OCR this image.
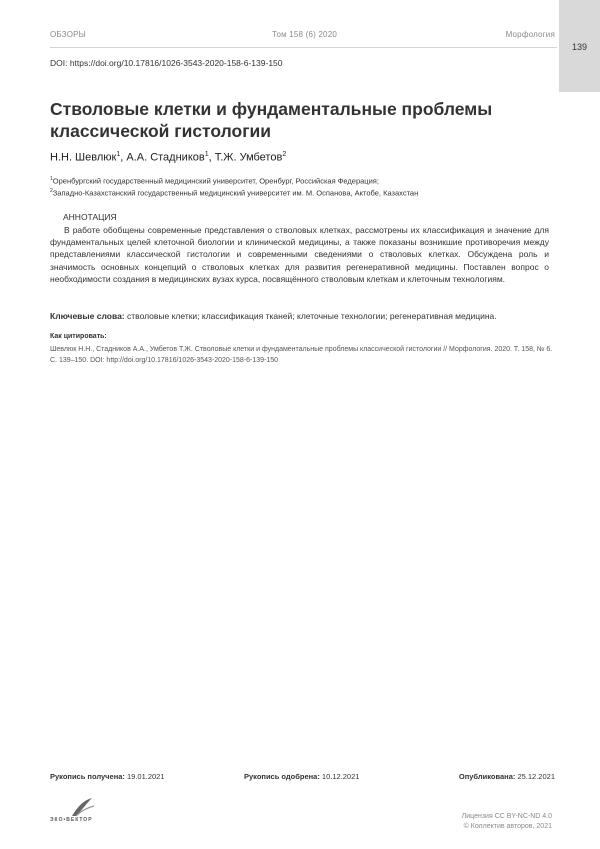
ОБЗОРЫ	Том 158 (6) 2020	Морфология
139
DOI: https://doi.org/10.17816/1026-3543-2020-158-6-139-150
Стволовые клетки и фундаментальные проблемы классической гистологии
Н.Н. Шевлюк$^1$, А.А. Стадников$^1$, Т.Ж. Умбетов$^2$
$^1$Оренбургский государственный медицинский университет, Оренбург, Российская Федерация;
$^2$Западно-Казахстанский государственный медицинский университет им. М. Оспанова, Актобе, Казахстан
АННОТАЦИЯ

В работе обобщены современные представления о стволовых клетках, рассмотрены их классификация и значение для фундаментальных целей клеточной биологии и клинической медицины, а также показаны возникшие противоречия между представлениями классической гистологии и современными сведениями о стволовых клетках. Обсуждена роль и значимость основных концепций о стволовых клетках для развития регенеративной медицины. Поставлен вопрос о необходимости создания в медицинских вузах курса, посвящённого стволовым клеткам и клеточным технологиям.

Ключевые слова: стволовые клетки; классификация тканей; клеточные технологии; регенеративная медицина.

Как цитировать:

Шевлюк Н.Н., Стадников А.А., Умбетов Т.Ж. Стволовые клетки и фундаментальные проблемы классической гистологии // Морфология. 2020. Т. 158, № 6. С. 139–150. DOI: http://doi.org/10.17816/1026-3543-2020-158-6-139-150

Рукопись получена: 19.01.2021	Рукопись одобрена: 10.12.2021	Опубликована: 25.12.2021
ЭКО•ВЕКТОР	Лицензия CC BY-NC-ND 4.0
© Коллектив авторов, 2021
